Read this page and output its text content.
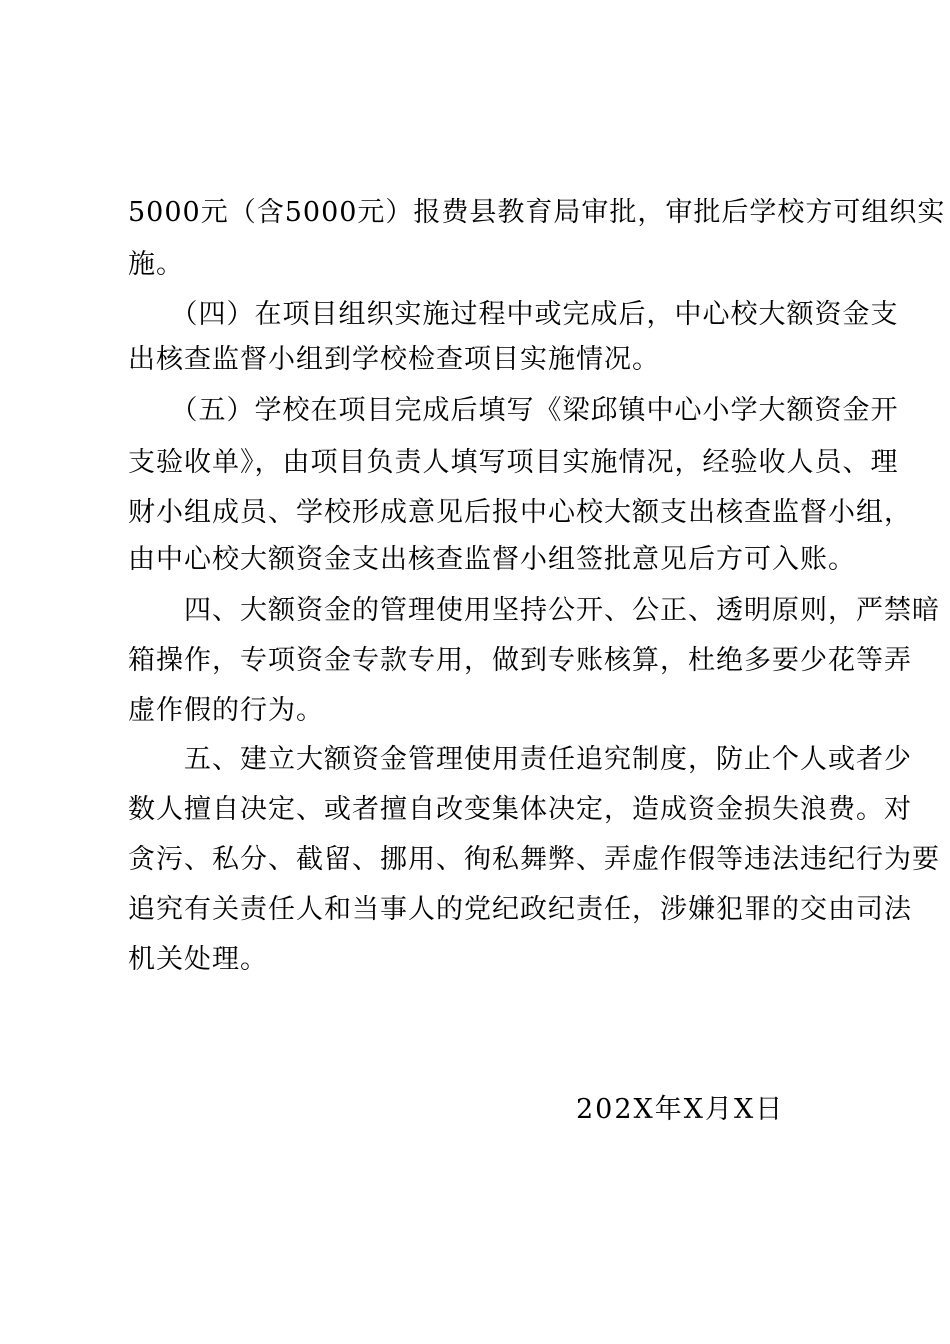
5000元（含5000元）报费县教育局审批，审批后学校方可组织实
施。
　　（四）在项目组织实施过程中或完成后，中心校大额资金支
出核查监督小组到学校检查项目实施情况。
　　（五）学校在项目完成后填写《梁邱镇中心小学大额资金开
支验收单》，由项目负责人填写项目实施情况，经验收人员、理
财小组成员、学校形成意见后报中心校大额支出核查监督小组，
由中心校大额资金支出核查监督小组签批意见后方可入账。
　　四、大额资金的管理使用坚持公开、公正、透明原则，严禁暗
箱操作，专项资金专款专用，做到专账核算，杜绝多要少花等弄
虚作假的行为。
　　五、建立大额资金管理使用责任追究制度，防止个人或者少
数人擅自决定、或者擅自改变集体决定，造成资金损失浪费。对
贪污、私分、截留、挪用、徇私舞弊、弄虚作假等违法违纪行为要
追究有关责任人和当事人的党纪政纪责任，涉嫌犯罪的交由司法
机关处理。
202X年X月X日
